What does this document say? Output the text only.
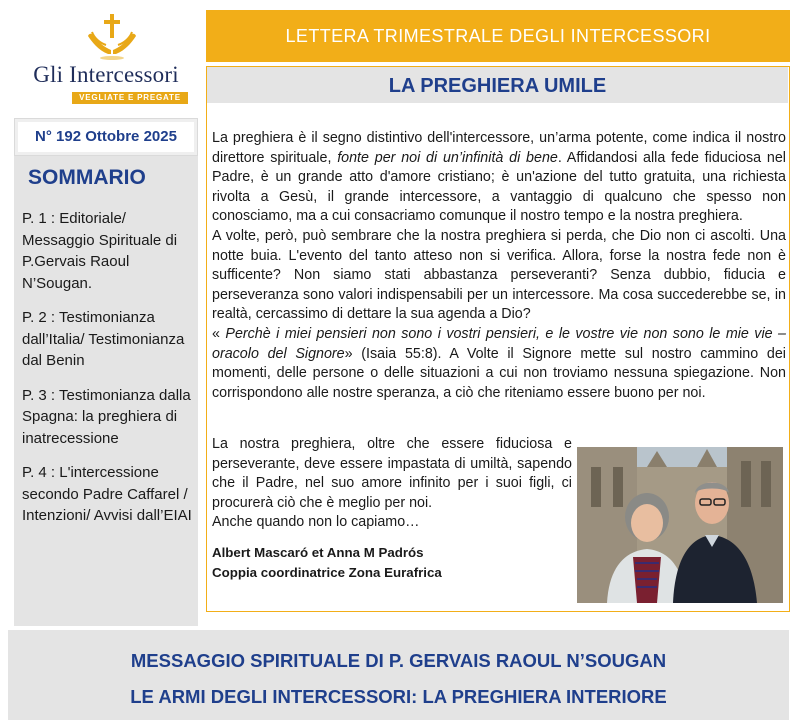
Gli Intercessori
VEGLIATE E PREGATE
N° 192 Ottobre 2025
SOMMARIO
P. 1 : Editoriale/ Messaggio Spirituale di P.Gervais Raoul N’Sougan.
P. 2 : Testimonianza dall’Italia/ Testimonianza dal Benin
P. 3 : Testimonianza dalla Spagna: la preghiera di inatrecessione
P. 4 : L'intercessione secondo Padre Caffarel / Intenzioni/ Avvisi dall’EIAI
LETTERA TRIMESTRALE DEGLI INTERCESSORI
LA PREGHIERA UMILE

La preghiera è il segno distintivo dell'intercessore, un’arma potente, come indica il nostro direttore spirituale, fonte per noi di un’infinità di bene. Affidandosi alla fede fiduciosa nel Padre, è un grande atto d'amore cristiano; è un'azione del tutto gratuita, una richiesta rivolta a Gesù, il grande intercessore, a vantaggio di qualcuno che spesso non conosciamo, ma a cui consacriamo comunque il nostro tempo e la nostra preghiera.

A volte, però, può sembrare che la nostra preghiera si perda, che Dio non ci ascolti. Una notte buia. L'evento del tanto atteso non si verifica. Allora, forse la nostra fede non è sufficente? Non siamo stati abbastanza perseveranti? Senza dubbio, fiducia e perseveranza sono valori indispensabili per un intercessore. Ma cosa succederebbe se, in realtà, cercassimo di dettare la sua agenda a Dio?

« Perchè i miei pensieri non sono i vostri pensieri, e le vostre vie non sono le mie vie – oracolo del Signore» (Isaia 55:8). A Volte il Signore mette sul nostro cammino dei momenti, delle persone o delle situazioni a cui non troviamo nessuna spiegazione. Non corrispondono alle nostre speranza, a ciò che riteniamo essere buono per noi.

La nostra preghiera, oltre che essere fiduciosa e perseverante, deve essere impastata di umiltà, sapendo che il Padre, nel suo amore infinito per i suoi figli, ci procurerà ciò che è meglio per noi.

Anche quando non lo capiamo…

Albert Mascaró et Anna M Padrós
Coppia coordinatrice Zona Eurafrica
MESSAGGIO SPIRITUALE DI P. GERVAIS RAOUL N’SOUGAN
LE ARMI DEGLI INTERCESSORI: LA PREGHIERA INTERIORE
